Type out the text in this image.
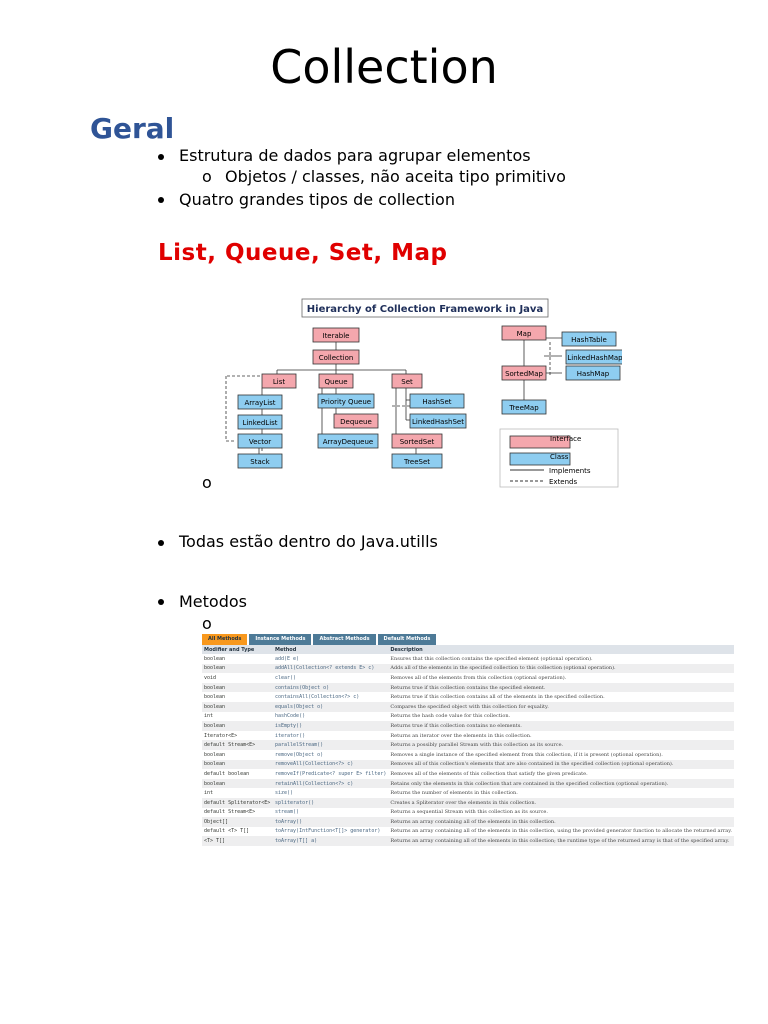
Collection
Geral
Estrutura de dados para agrupar elementos
o Objetos / classes, não aceita tipo primitivo
Quatro grandes tipos de collection
List, Queue, Set, Map
Hierarchy of Collection Framework in Java
Iterable
Collection
List	Queue	Set
ArrayList
LinkedList
Vector
Stack
Priority Queue
Dequeue
ArrayDequeue
HashSet
LinkedHashSet
SortedSet
TreeSet
Map
HashTable
LinkedHashMap
HashMap
SortedMap
TreeMap
Interface
Class
Implements
Extends
o
Todas estão dentro do Java.utills
Metodos
o
All Methods	Instance Methods	Abstract Methods	Default Methods
Modifier and Type	Method	Description
boolean	add(E e)	Ensures that this collection contains the specified element (optional operation).
boolean	addAll(Collection<? extends E> c)	Adds all of the elements in the specified collection to this collection (optional operation).
void	clear()	Removes all of the elements from this collection (optional operation).
boolean	contains(Object o)	Returns true if this collection contains the specified element.
boolean	containsAll(Collection<?> c)	Returns true if this collection contains all of the elements in the specified collection.
boolean	equals(Object o)	Compares the specified object with this collection for equality.
int	hashCode()	Returns the hash code value for this collection.
boolean	isEmpty()	Returns true if this collection contains no elements.
Iterator<E>	iterator()	Returns an iterator over the elements in this collection.
default Stream<E>	parallelStream()	Returns a possibly parallel Stream with this collection as its source.
boolean	remove(Object o)	Removes a single instance of the specified element from this collection, if it is present (optional operation).
boolean	removeAll(Collection<?> c)	Removes all of this collection's elements that are also contained in the specified collection (optional operation).
default boolean	removeIf(Predicate<? super E> filter)	Removes all of the elements of this collection that satisfy the given predicate.
boolean	retainAll(Collection<?> c)	Retains only the elements in this collection that are contained in the specified collection (optional operation).
int	size()	Returns the number of elements in this collection.
default Spliterator<E>	spliterator()	Creates a Spliterator over the elements in this collection.
default Stream<E>	stream()	Returns a sequential Stream with this collection as its source.
Object[]	toArray()	Returns an array containing all of the elements in this collection.
default <T> T[]	toArray(IntFunction<T[]> generator)	Returns an array containing all of the elements in this collection, using the provided generator function to allocate the returned array.
<T> T[]	toArray(T[] a)	Returns an array containing all of the elements in this collection; the runtime type of the returned array is that of the specified array.
